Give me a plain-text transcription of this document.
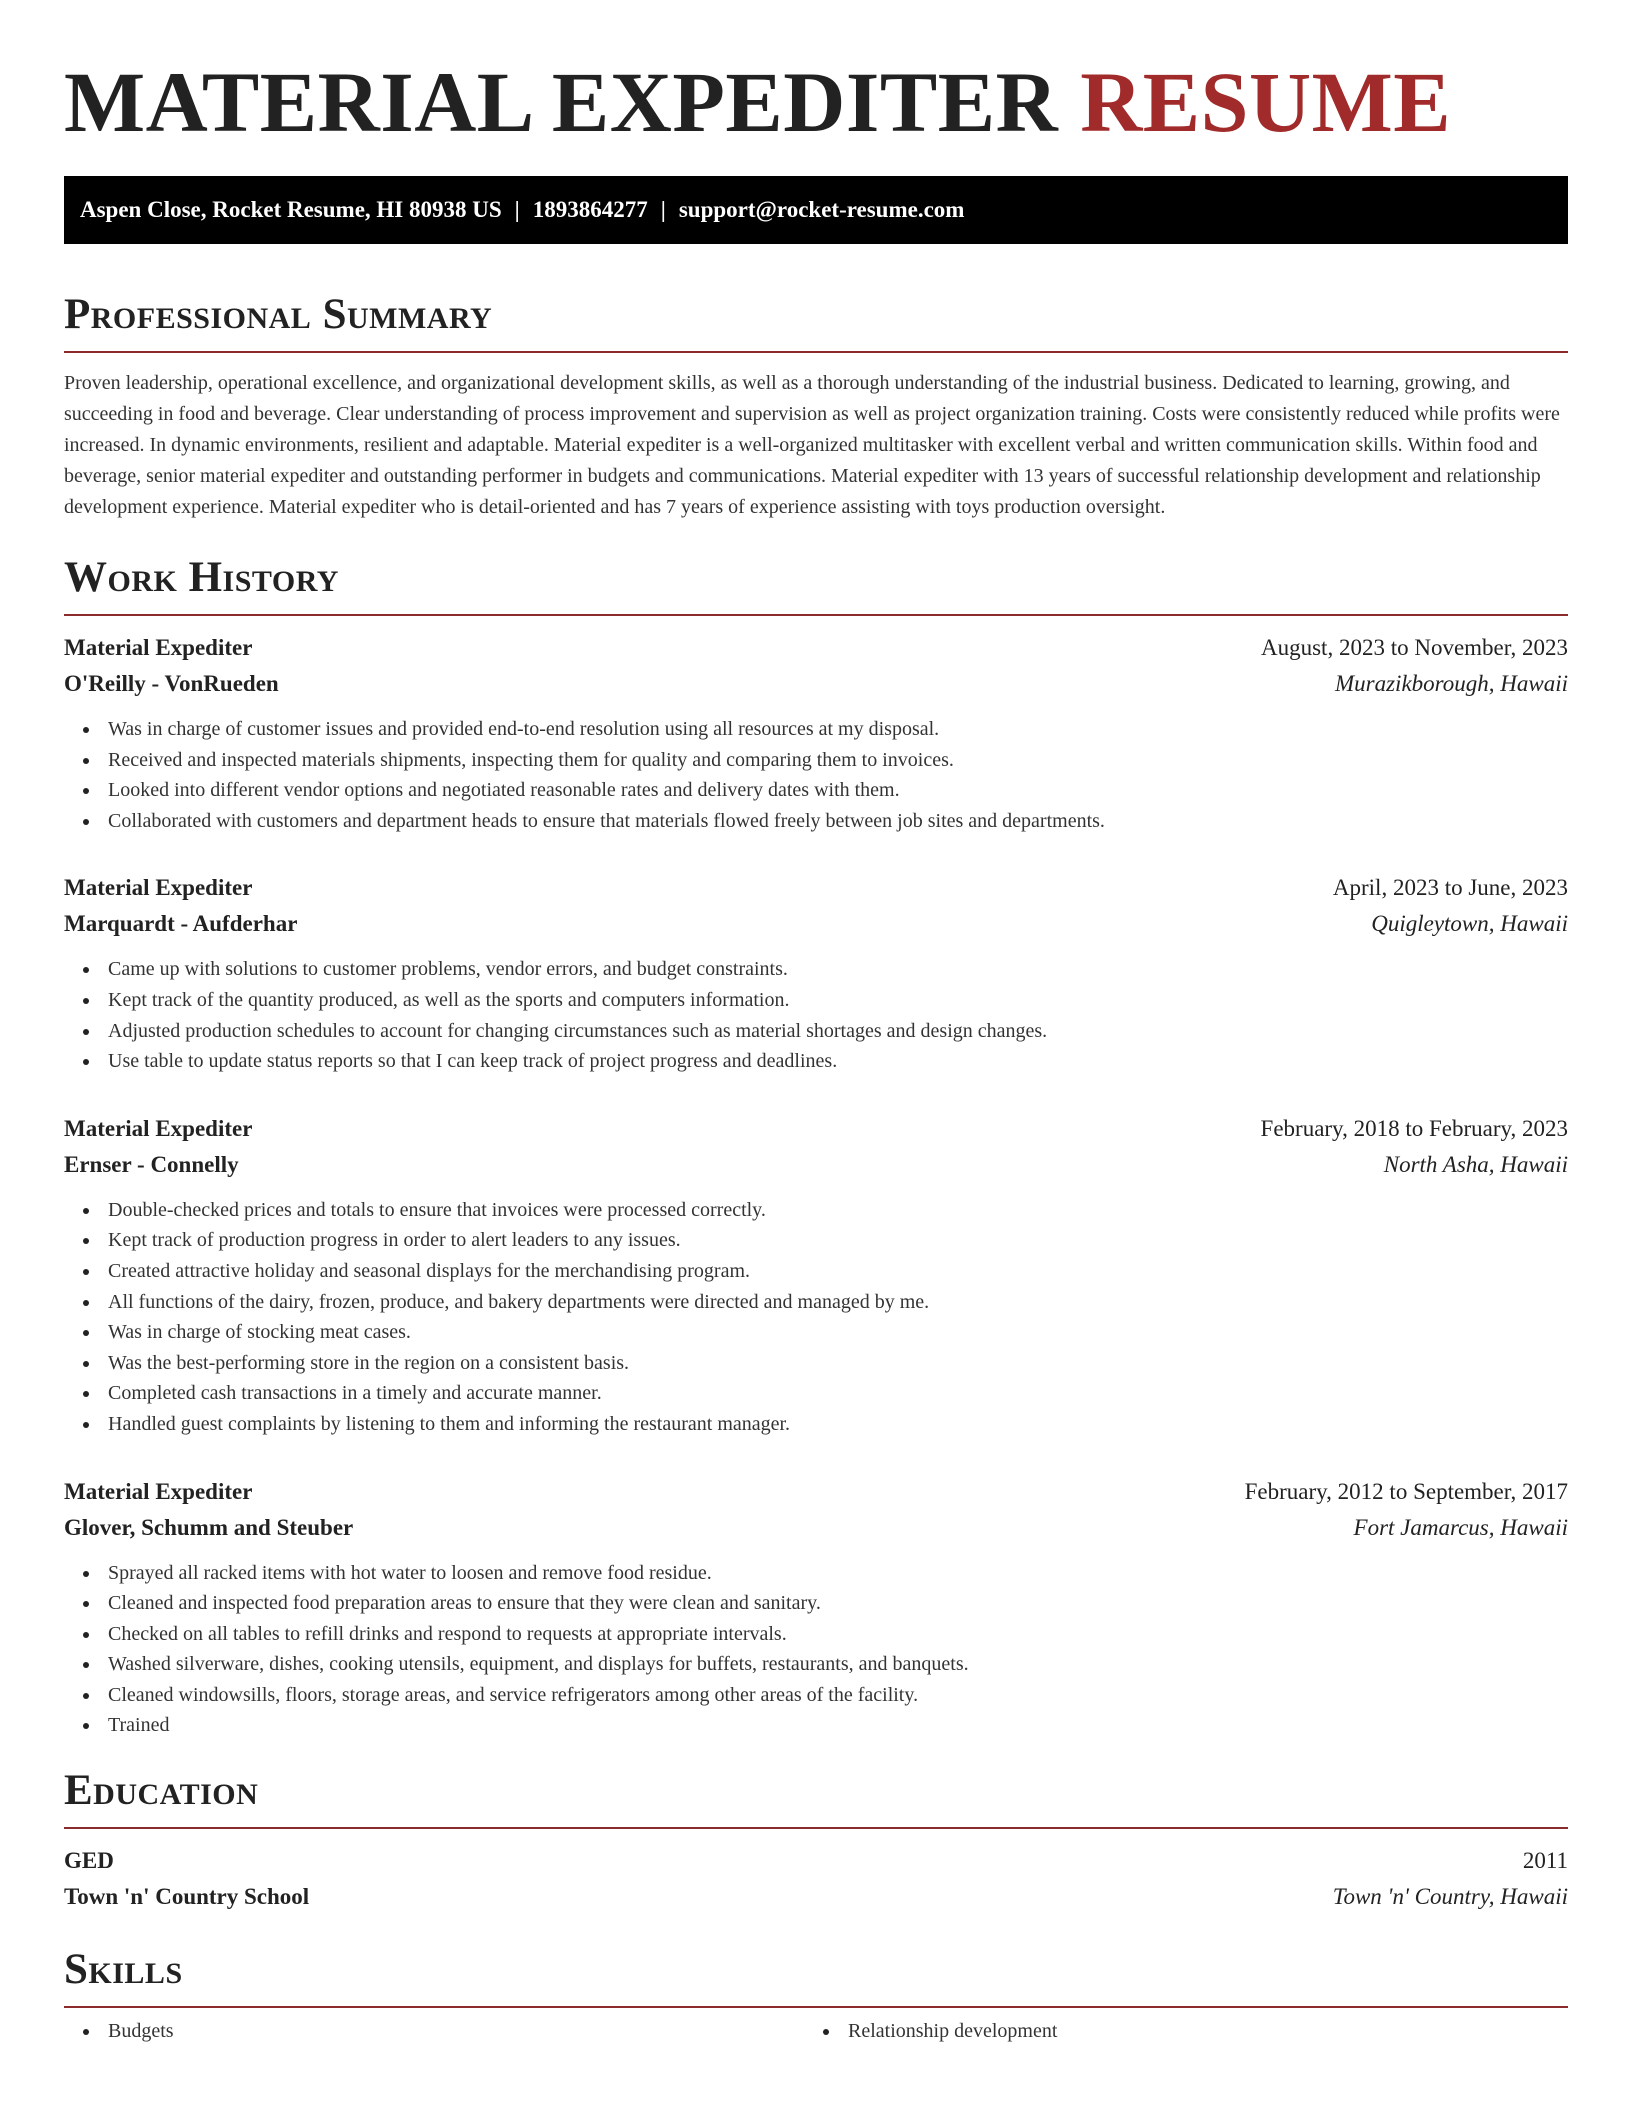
MATERIAL EXPEDITER RESUME
Aspen Close, Rocket Resume, HI 80938 US | 1893864277 | support@rocket-resume.com
Professional Summary

Proven leadership, operational excellence, and organizational development skills, as well as a thorough understanding of the industrial business. Dedicated to learning, growing, and succeeding in food and beverage. Clear understanding of process improvement and supervision as well as project organization training. Costs were consistently reduced while profits were increased. In dynamic environments, resilient and adaptable. Material expediter is a well-organized multitasker with excellent verbal and written communication skills. Within food and beverage, senior material expediter and outstanding performer in budgets and communications. Material expediter with 13 years of successful relationship development and relationship development experience. Material expediter who is detail-oriented and has 7 years of experience assisting with toys production oversight.

Work History
Material Expediter	August, 2023 to November, 2023
O'Reilly - VonRueden	Murazikborough, Hawaii
Was in charge of customer issues and provided end-to-end resolution using all resources at my disposal.
Received and inspected materials shipments, inspecting them for quality and comparing them to invoices.
Looked into different vendor options and negotiated reasonable rates and delivery dates with them.
Collaborated with customers and department heads to ensure that materials flowed freely between job sites and departments.
Material Expediter	April, 2023 to June, 2023
Marquardt - Aufderhar	Quigleytown, Hawaii
Came up with solutions to customer problems, vendor errors, and budget constraints.
Kept track of the quantity produced, as well as the sports and computers information.
Adjusted production schedules to account for changing circumstances such as material shortages and design changes.
Use table to update status reports so that I can keep track of project progress and deadlines.
Material Expediter	February, 2018 to February, 2023
Ernser - Connelly	North Asha, Hawaii
Double-checked prices and totals to ensure that invoices were processed correctly.
Kept track of production progress in order to alert leaders to any issues.
Created attractive holiday and seasonal displays for the merchandising program.
All functions of the dairy, frozen, produce, and bakery departments were directed and managed by me.
Was in charge of stocking meat cases.
Was the best-performing store in the region on a consistent basis.
Completed cash transactions in a timely and accurate manner.
Handled guest complaints by listening to them and informing the restaurant manager.
Material Expediter	February, 2012 to September, 2017
Glover, Schumm and Steuber	Fort Jamarcus, Hawaii
Sprayed all racked items with hot water to loosen and remove food residue.
Cleaned and inspected food preparation areas to ensure that they were clean and sanitary.
Checked on all tables to refill drinks and respond to requests at appropriate intervals.
Washed silverware, dishes, cooking utensils, equipment, and displays for buffets, restaurants, and banquets.
Cleaned windowsills, floors, storage areas, and service refrigerators among other areas of the facility.
Trained
Education
GED	2011
Town 'n' Country School	Town 'n' Country, Hawaii
Skills
Budgets	Relationship development
